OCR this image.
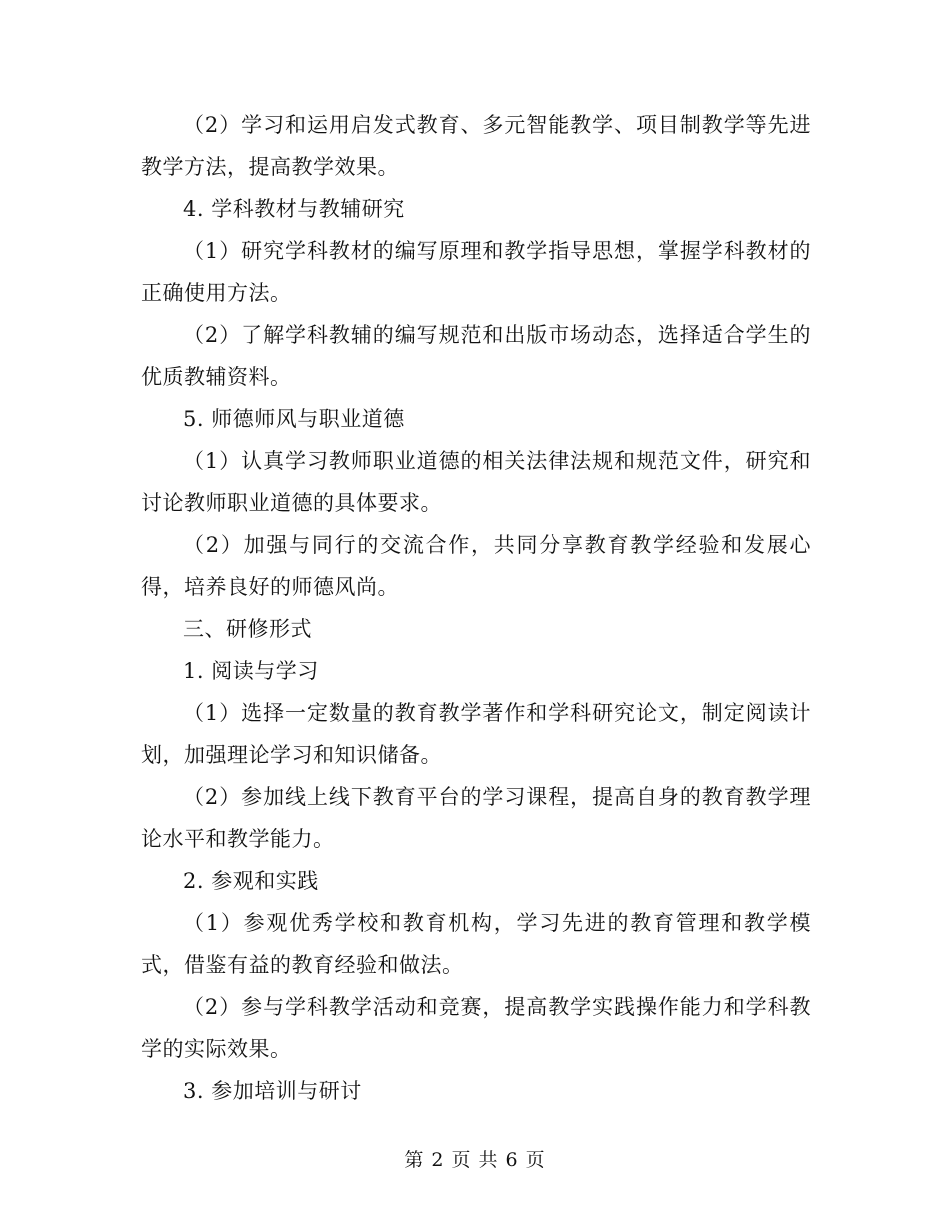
（2）学习和运用启发式教育、多元智能教学、项目制教学等先进教学方法，提高教学效果。

4. 学科教材与教辅研究

（1）研究学科教材的编写原理和教学指导思想，掌握学科教材的正确使用方法。

（2）了解学科教辅的编写规范和出版市场动态，选择适合学生的优质教辅资料。

5. 师德师风与职业道德

（1）认真学习教师职业道德的相关法律法规和规范文件，研究和讨论教师职业道德的具体要求。

（2）加强与同行的交流合作，共同分享教育教学经验和发展心得，培养良好的师德风尚。

三、研修形式

1. 阅读与学习

（1）选择一定数量的教育教学著作和学科研究论文，制定阅读计划，加强理论学习和知识储备。

（2）参加线上线下教育平台的学习课程，提高自身的教育教学理论水平和教学能力。

2. 参观和实践

（1）参观优秀学校和教育机构，学习先进的教育管理和教学模式，借鉴有益的教育经验和做法。

（2）参与学科教学活动和竞赛，提高教学实践操作能力和学科教学的实际效果。

3. 参加培训与研讨

第 2 页 共 6 页
